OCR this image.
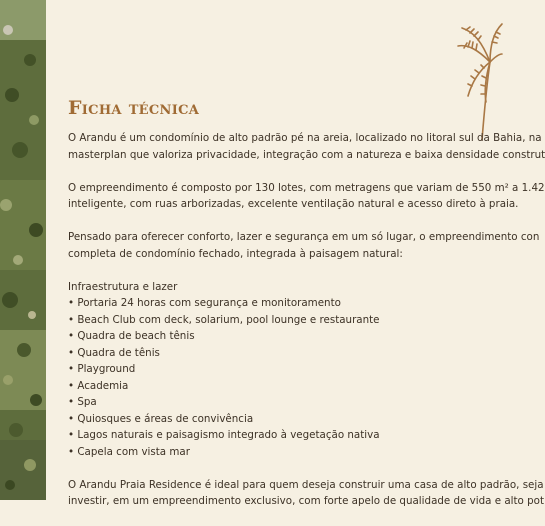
Ficha técnica
O Arandu é um condomínio de alto padrão pé na areia, localizado no litoral sul da Bahia, na
masterplan que valoriza privacidade, integração com a natureza e baixa densidade construt
O empreendimento é composto por 130 lotes, com metragens que variam de 550 m² a 1.42
inteligente, com ruas arborizadas, excelente ventilação natural e acesso direto à praia.
Pensado para oferecer conforto, lazer e segurança em um só lugar, o empreendimento con
completa de condomínio fechado, integrada à paisagem natural:
Infraestrutura e lazer
• Portaria 24 horas com segurança e monitoramento
• Beach Club com deck, solarium, pool lounge e restaurante
• Quadra de beach tênis
• Quadra de tênis
• Playground
• Academia
• Spa
• Quiosques e áreas de convivência
• Lagos naturais e paisagismo integrado à vegetação nativa
• Capela com vista mar
O Arandu Praia Residence é ideal para quem deseja construir uma casa de alto padrão, seja
investir, em um empreendimento exclusivo, com forte apelo de qualidade de vida e alto pot
